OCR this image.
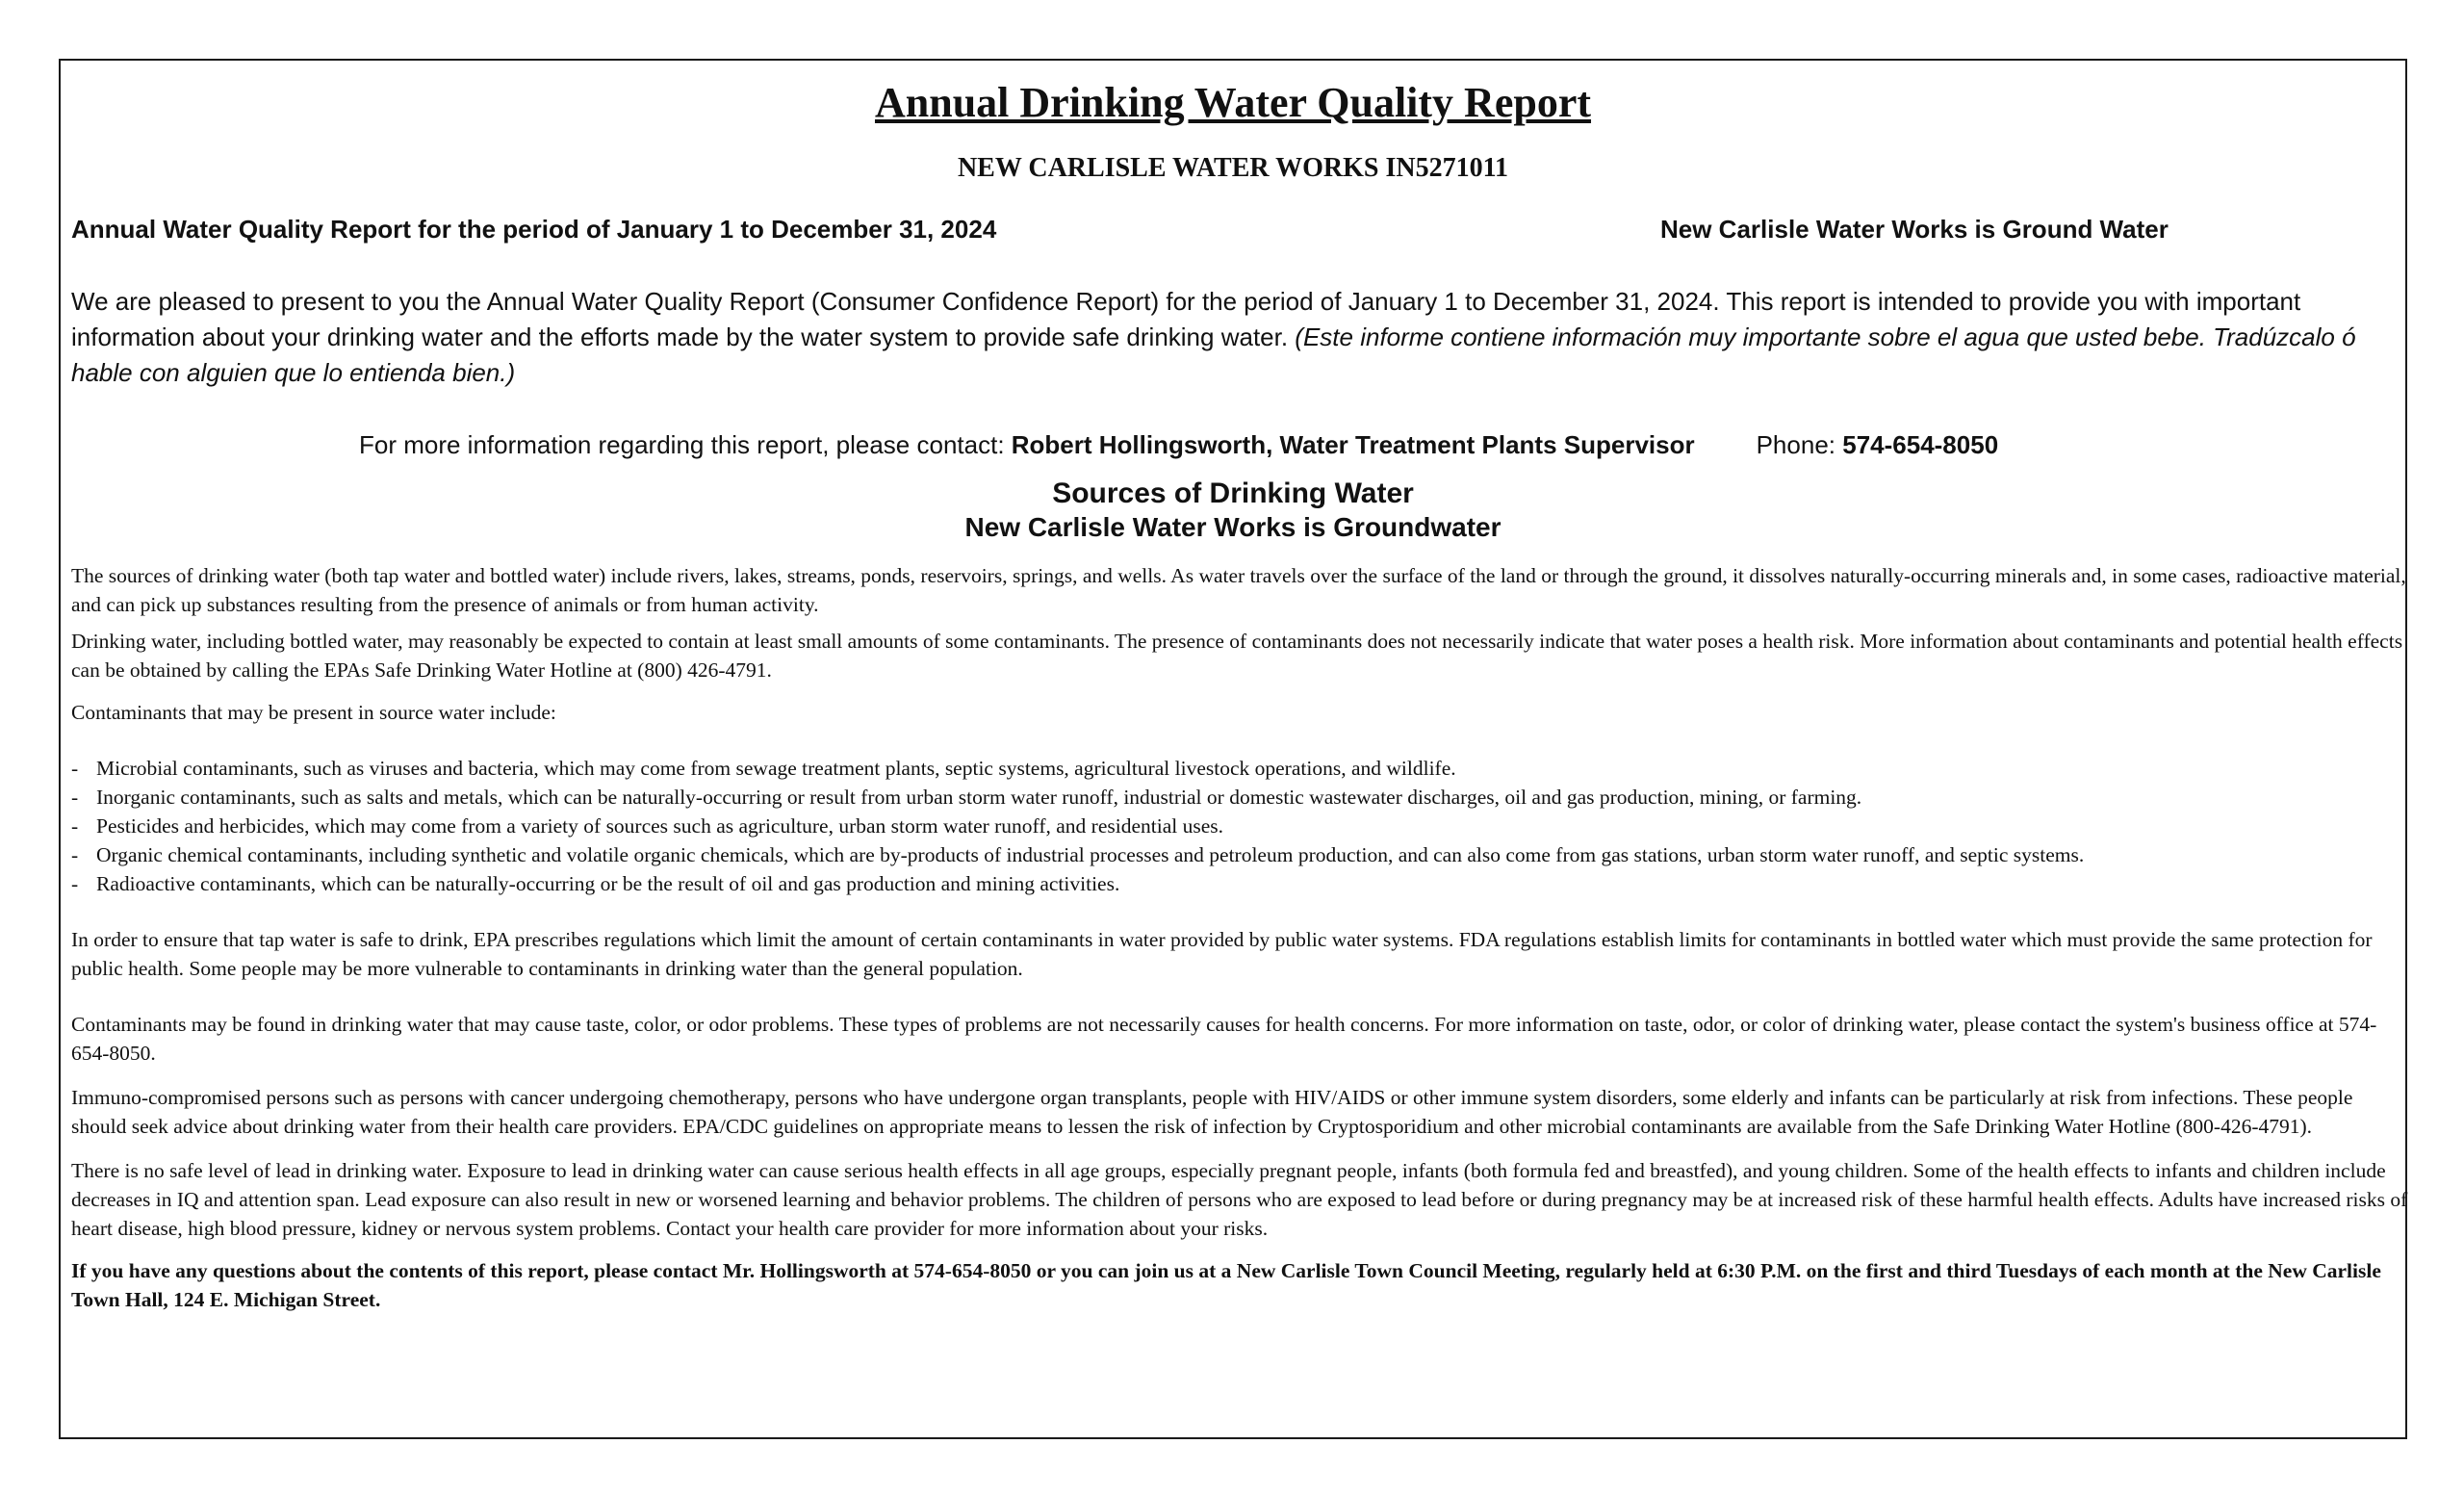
Annual Drinking Water Quality Report
NEW CARLISLE WATER WORKS IN5271011
Annual Water Quality Report for the period of January 1 to December 31, 2024	New Carlisle Water Works is Ground Water
We are pleased to present to you the Annual Water Quality Report (Consumer Confidence Report) for the period of January 1 to December 31, 2024. This report is intended to provide you with important information about your drinking water and the efforts made by the water system to provide safe drinking water. (Este informe contiene información muy importante sobre el agua que usted bebe. Tradúzcalo ó hable con alguien que lo entienda bien.)
For more information regarding this report, please contact: Robert Hollingsworth, Water Treatment Plants Supervisor Phone: 574-654-8050
Sources of Drinking Water
New Carlisle Water Works is Groundwater

The sources of drinking water (both tap water and bottled water) include rivers, lakes, streams, ponds, reservoirs, springs, and wells. As water travels over the surface of the land or through the ground, it dissolves naturally-occurring minerals and, in some cases, radioactive material, and can pick up substances resulting from the presence of animals or from human activity.

Drinking water, including bottled water, may reasonably be expected to contain at least small amounts of some contaminants. The presence of contaminants does not necessarily indicate that water poses a health risk. More information about contaminants and potential health effects can be obtained by calling the EPAs Safe Drinking Water Hotline at (800) 426-4791.

Contaminants that may be present in source water include:

- Microbial contaminants, such as viruses and bacteria, which may come from sewage treatment plants, septic systems, agricultural livestock operations, and wildlife.
- Inorganic contaminants, such as salts and metals, which can be naturally-occurring or result from urban storm water runoff, industrial or domestic wastewater discharges, oil and gas production, mining, or farming.
- Pesticides and herbicides, which may come from a variety of sources such as agriculture, urban storm water runoff, and residential uses.
- Organic chemical contaminants, including synthetic and volatile organic chemicals, which are by-products of industrial processes and petroleum production, and can also come from gas stations, urban storm water runoff, and septic systems.
- Radioactive contaminants, which can be naturally-occurring or be the result of oil and gas production and mining activities.

In order to ensure that tap water is safe to drink, EPA prescribes regulations which limit the amount of certain contaminants in water provided by public water systems. FDA regulations establish limits for contaminants in bottled water which must provide the same protection for public health. Some people may be more vulnerable to contaminants in drinking water than the general population.

Contaminants may be found in drinking water that may cause taste, color, or odor problems. These types of problems are not necessarily causes for health concerns. For more information on taste, odor, or color of drinking water, please contact the system's business office at 574-654-8050.

Immuno-compromised persons such as persons with cancer undergoing chemotherapy, persons who have undergone organ transplants, people with HIV/AIDS or other immune system disorders, some elderly and infants can be particularly at risk from infections. These people should seek advice about drinking water from their health care providers. EPA/CDC guidelines on appropriate means to lessen the risk of infection by Cryptosporidium and other microbial contaminants are available from the Safe Drinking Water Hotline (800-426-4791).

There is no safe level of lead in drinking water. Exposure to lead in drinking water can cause serious health effects in all age groups, especially pregnant people, infants (both formula fed and breastfed), and young children. Some of the health effects to infants and children include decreases in IQ and attention span. Lead exposure can also result in new or worsened learning and behavior problems. The children of persons who are exposed to lead before or during pregnancy may be at increased risk of these harmful health effects. Adults have increased risks of heart disease, high blood pressure, kidney or nervous system problems. Contact your health care provider for more information about your risks.

If you have any questions about the contents of this report, please contact Mr. Hollingsworth at 574-654-8050 or you can join us at a New Carlisle Town Council Meeting, regularly held at 6:30 P.M. on the first and third Tuesdays of each month at the New Carlisle Town Hall, 124 E. Michigan Street.
